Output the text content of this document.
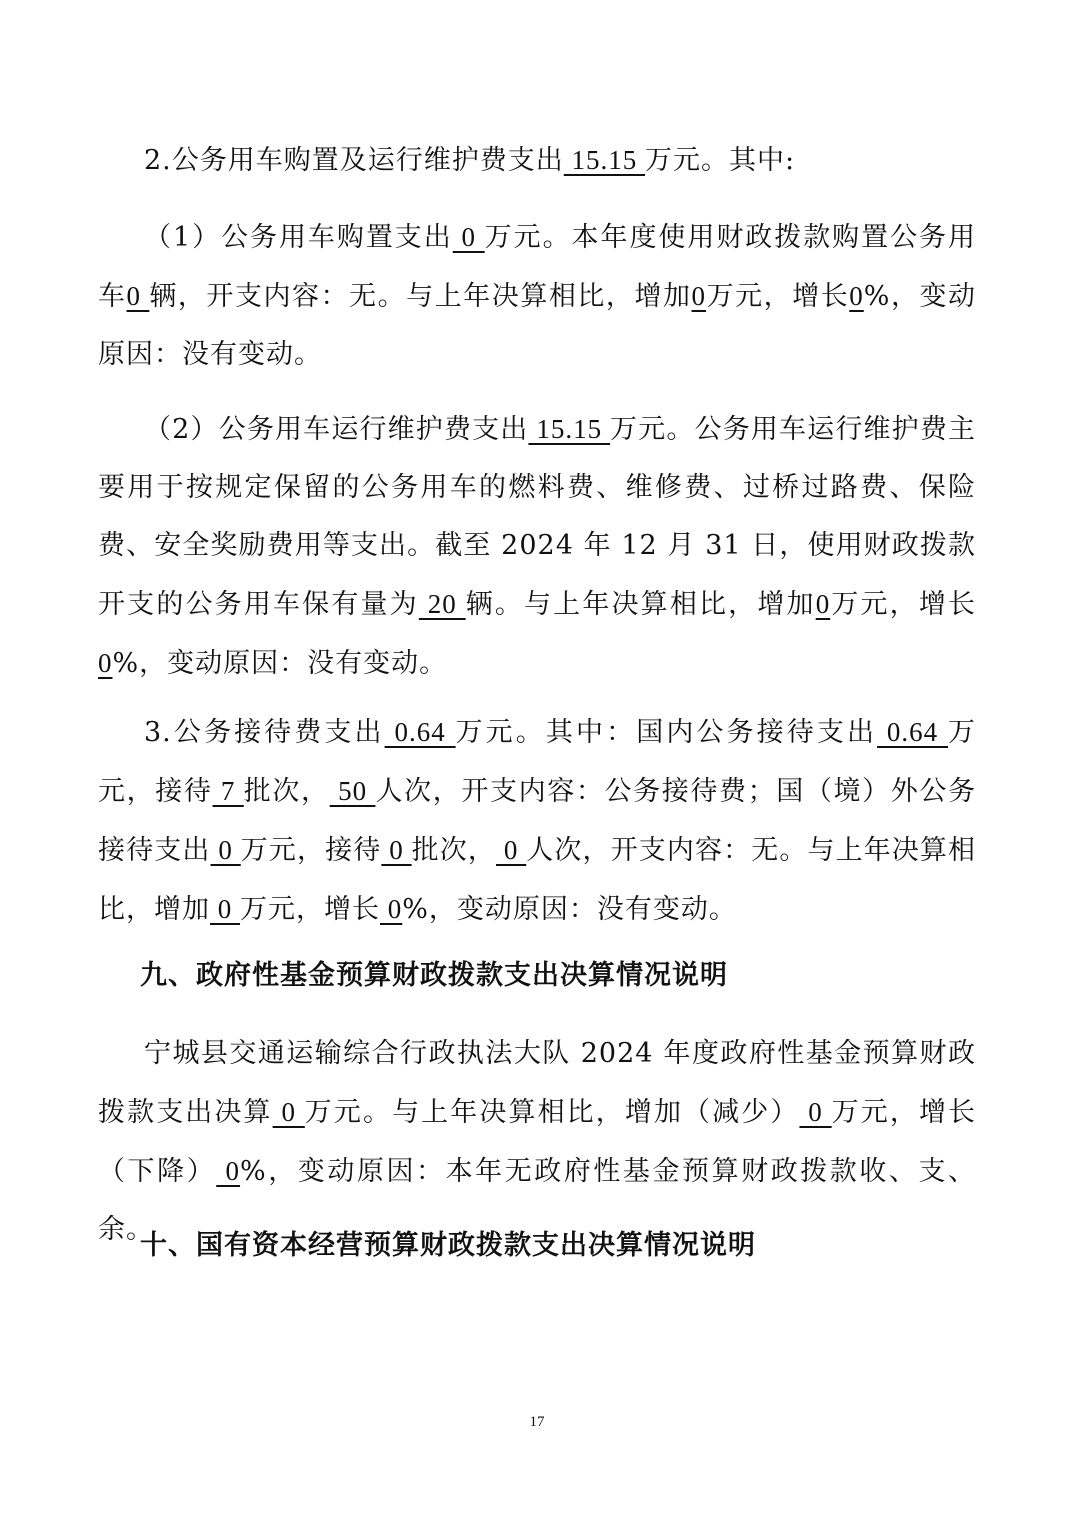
2.公务用车购置及运行维护费支出 15.15 万元。其中:

（1）公务用车购置支出 0 万元。本年度使用财政拨款购置公务用车0 辆，开支内容：无。与上年决算相比，增加0万元，增长0%，变动原因：没有变动。

（2）公务用车运行维护费支出 15.15 万元。公务用车运行维护费主要用于按规定保留的公务用车的燃料费、维修费、过桥过路费、保险费、安全奖励费用等支出。截至 2024 年 12 月 31 日，使用财政拨款开支的公务用车保有量为 20 辆。与上年决算相比，增加0万元，增长0%，变动原因：没有变动。

3.公务接待费支出 0.64 万元。其中：国内公务接待支出 0.64 万元，接待 7 批次， 50 人次，开支内容：公务接待费；国（境）外公务接待支出 0 万元，接待 0 批次， 0 人次，开支内容：无。与上年决算相比，增加 0 万元，增长 0%，变动原因：没有变动。

九、政府性基金预算财政拨款支出决算情况说明

宁城县交通运输综合行政执法大队 2024 年度政府性基金预算财政拨款支出决算 0 万元。与上年决算相比，增加（减少） 0 万元，增长（下降） 0%，变动原因：本年无政府性基金预算财政拨款收、支、余。

十、国有资本经营预算财政拨款支出决算情况说明
17
